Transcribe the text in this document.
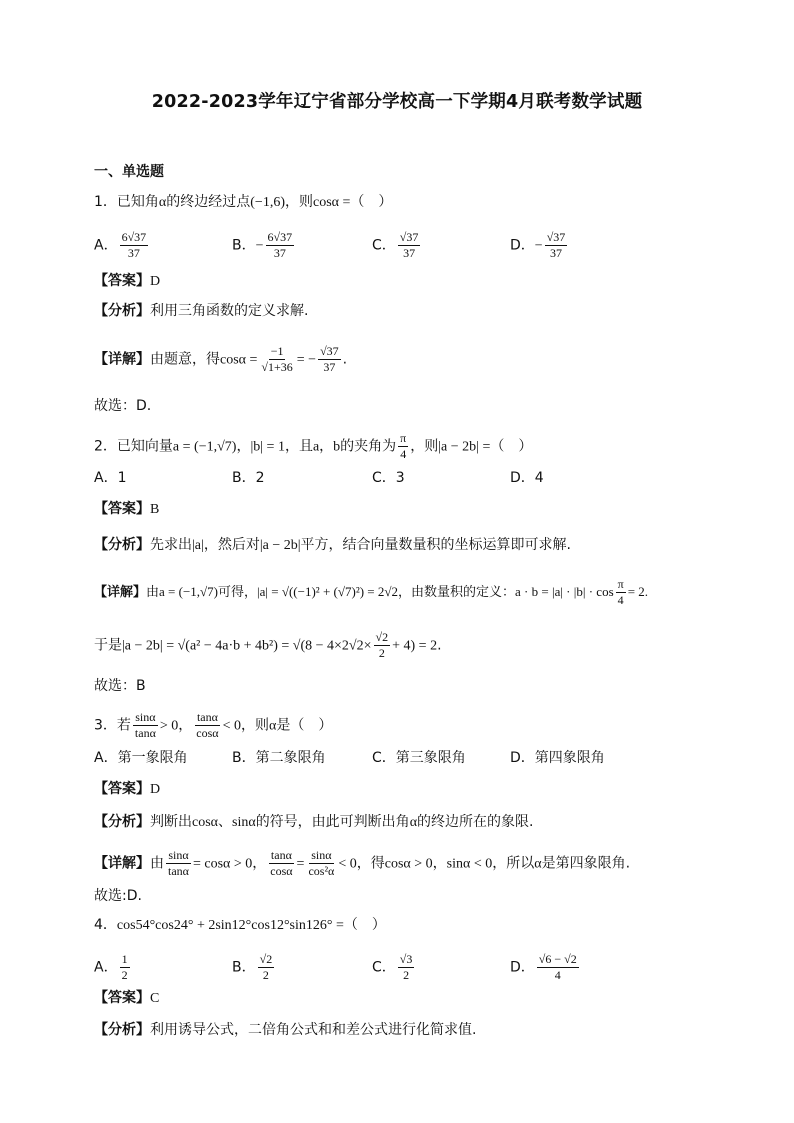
2022-2023学年辽宁省部分学校高一下学期4月联考数学试题
一、单选题
1．已知角α的终边经过点(−1,6)，则cosα =（　）
A． $\frac{6√37}{37}$	B．− $\frac{6√37}{37}$	C． $\frac{√37}{37}$	D．− $\frac{√37}{37}$
【答案】D
【分析】利用三角函数的定义求解.
【详解】由题意，得$\cos\alpha = \frac{-1}{√1+36}$ = − $\frac{√37}{37}$ .
故选：D.
2．已知向量a = (−1,√7)，|b| = 1，且a，b的夹角为 $\frac{\pi}{4}$ ，则|a − 2b| =（　）
A．1	B．2	C．3	D．4
【答案】B
【分析】先求出|a|，然后对|a − 2b|平方，结合向量数量积的坐标运算即可求解.
【详解】由a = (−1,√7)可得，|a| = √((−1)² + (√7)²) = 2√2，由数量积的定义：$a \cdot b = |a| \cdot |b| \cdot \cos \frac{\pi}{4} = 2$.
于是$|a - 2b| = √(a^2 - 4a\cdot b + 4b^2) = √(8 - 4\times 2√2\times \frac{√2}{2} + 4) = 2$.
故选：B
3．若 $\frac{\sin\alpha}{\tan\alpha} > 0$， $\frac{\tan\alpha}{\cos\alpha} < 0$，则α是（　）
A．第一象限角	B．第二象限角	C．第三象限角	D．第四象限角
【答案】D
【分析】判断出cosα、sinα的符号，由此可判断出角α的终边所在的象限.
【详解】由 $\frac{\sin\alpha}{\tan\alpha} = \cos\alpha > 0$， $\frac{\tan\alpha}{\cos\alpha} = \frac{\sin\alpha}{\text{cos²α}} < 0$，得cosα > 0，sinα < 0，所以α是第四象限角.
故选:D.
4．cos54°cos24° + 2sin12°cos12°sin126° =（　）
A． $\frac{1}{2}$	B． $\frac{√2}{2}$	C． $\frac{√3}{2}$	D． $\frac{√6 - √2}{4}$
【答案】C
【分析】利用诱导公式，二倍角公式和和差公式进行化简求值.
